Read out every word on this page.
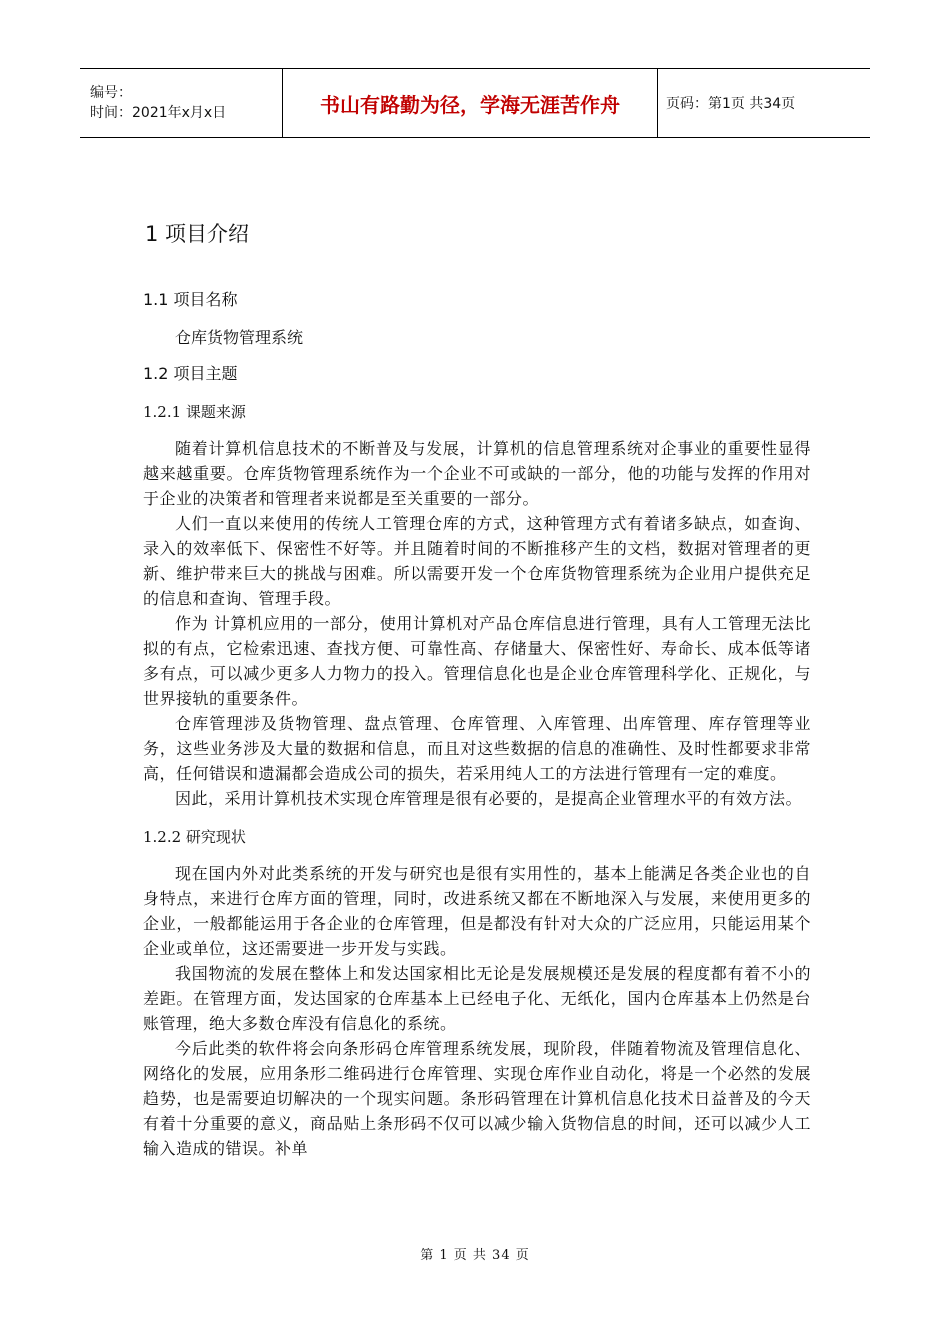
编号：
时间：2021年x月x日	书山有路勤为径，学海无涯苦作舟	页码：第1页 共34页
1 项目介绍
1.1 项目名称
仓库货物管理系统
1.2 项目主题
1.2.1 课题来源

随着计算机信息技术的不断普及与发展，计算机的信息管理系统对企事业的重要性显得越来越重要。仓库货物管理系统作为一个企业不可或缺的一部分，他的功能与发挥的作用对于企业的决策者和管理者来说都是至关重要的一部分。

人们一直以来使用的传统人工管理仓库的方式，这种管理方式有着诸多缺点，如查询、录入的效率低下、保密性不好等。并且随着时间的不断推移产生的文档，数据对管理者的更新、维护带来巨大的挑战与困难。所以需要开发一个仓库货物管理系统为企业用户提供充足的信息和查询、管理手段。

作为 计算机应用的一部分，使用计算机对产品仓库信息进行管理，具有人工管理无法比拟的有点，它检索迅速、查找方便、可靠性高、存储量大、保密性好、寿命长、成本低等诸多有点，可以减少更多人力物力的投入。管理信息化也是企业仓库管理科学化、正规化，与世界接轨的重要条件。

仓库管理涉及货物管理、盘点管理、仓库管理、入库管理、出库管理、库存管理等业务，这些业务涉及大量的数据和信息，而且对这些数据的信息的准确性、及时性都要求非常高，任何错误和遗漏都会造成公司的损失，若采用纯人工的方法进行管理有一定的难度。

因此，采用计算机技术实现仓库管理是很有必要的，是提高企业管理水平的有效方法。

1.2.2 研究现状

现在国内外对此类系统的开发与研究也是很有实用性的，基本上能满足各类企业也的自身特点，来进行仓库方面的管理，同时，改进系统又都在不断地深入与发展，来使用更多的企业，一般都能运用于各企业的仓库管理，但是都没有针对大众的广泛应用，只能运用某个企业或单位，这还需要进一步开发与实践。

我国物流的发展在整体上和发达国家相比无论是发展规模还是发展的程度都有着不小的差距。在管理方面，发达国家的仓库基本上已经电子化、无纸化，国内仓库基本上仍然是台账管理，绝大多数仓库没有信息化的系统。

今后此类的软件将会向条形码仓库管理系统发展，现阶段，伴随着物流及管理信息化、网络化的发展，应用条形二维码进行仓库管理、实现仓库作业自动化，将是一个必然的发展趋势，也是需要迫切解决的一个现实问题。条形码管理在计算机信息化技术日益普及的今天有着十分重要的意义，商品贴上条形码不仅可以减少输入货物信息的时间，还可以减少人工输入造成的错误。补单

第 1 页 共 34 页
